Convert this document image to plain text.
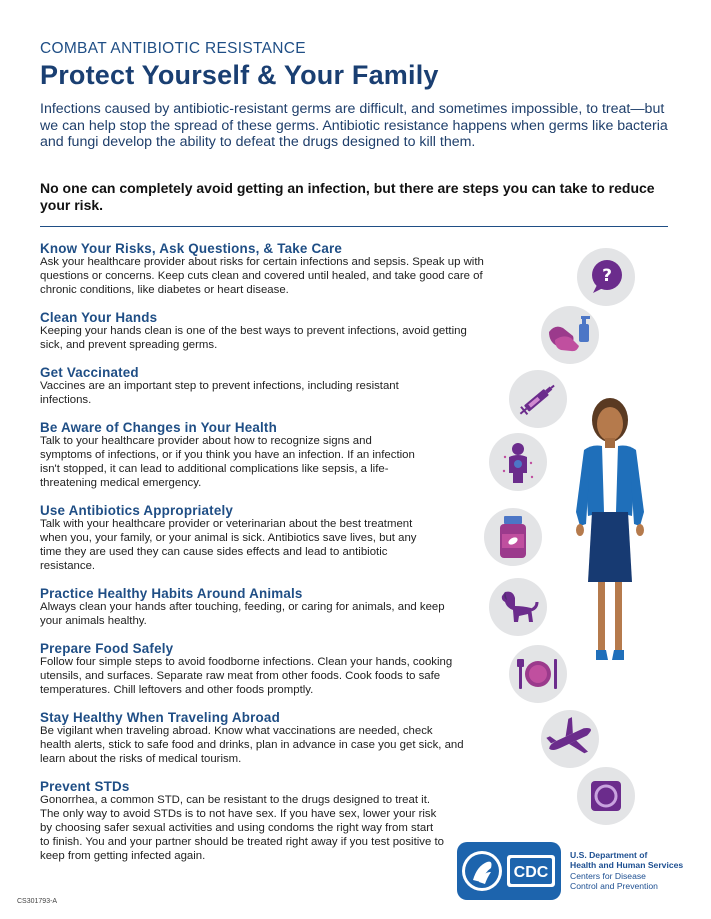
COMBAT ANTIBIOTIC RESISTANCE
Protect Yourself & Your Family
Infections caused by antibiotic-resistant germs are difficult, and sometimes impossible, to treat—but we can help stop the spread of these germs. Antibiotic resistance happens when germs like bacteria and fungi develop the ability to defeat the drugs designed to kill them.
No one can completely avoid getting an infection, but there are steps you can take to reduce your risk.
Know Your Risks, Ask Questions, & Take Care

Ask your healthcare provider about risks for certain infections and sepsis. Speak up with questions or concerns. Keep cuts clean and covered until healed, and take good care of chronic conditions, like diabetes or heart disease.

Clean Your Hands

Keeping your hands clean is one of the best ways to prevent infections, avoid getting sick, and prevent spreading germs.

Get Vaccinated

Vaccines are an important step to prevent infections, including resistant infections.

Be Aware of Changes in Your Health

Talk to your healthcare provider about how to recognize signs and symptoms of infections, or if you think you have an infection. If an infection isn't stopped, it can lead to additional complications like sepsis, a life-threatening medical emergency.

Use Antibiotics Appropriately

Talk with your healthcare provider or veterinarian about the best treatment when you, your family, or your animal is sick. Antibiotics save lives, but any time they are used they can cause sides effects and lead to antibiotic resistance.

Practice Healthy Habits Around Animals

Always clean your hands after touching, feeding, or caring for animals, and keep your animals healthy.

Prepare Food Safely

Follow four simple steps to avoid foodborne infections. Clean your hands, cooking utensils, and surfaces. Separate raw meat from other foods. Cook foods to safe temperatures. Chill leftovers and other foods promptly.

Stay Healthy When Traveling Abroad

Be vigilant when traveling abroad. Know what vaccinations are needed, check health alerts, stick to safe food and drinks, plan in advance in case you get sick, and learn about the risks of medical tourism.

Prevent STDs

Gonorrhea, a common STD, can be resistant to the drugs designed to treat it. The only way to avoid STDs is to not have sex. If you have sex, lower your risk by choosing safer sexual activities and using condoms the right way from start to finish. You and your partner should be treated right away if you test positive to keep from getting infected again.

?
CS301793-A
CDC
U.S. Department of
Health and Human Services
Centers for Disease
Control and Prevention
